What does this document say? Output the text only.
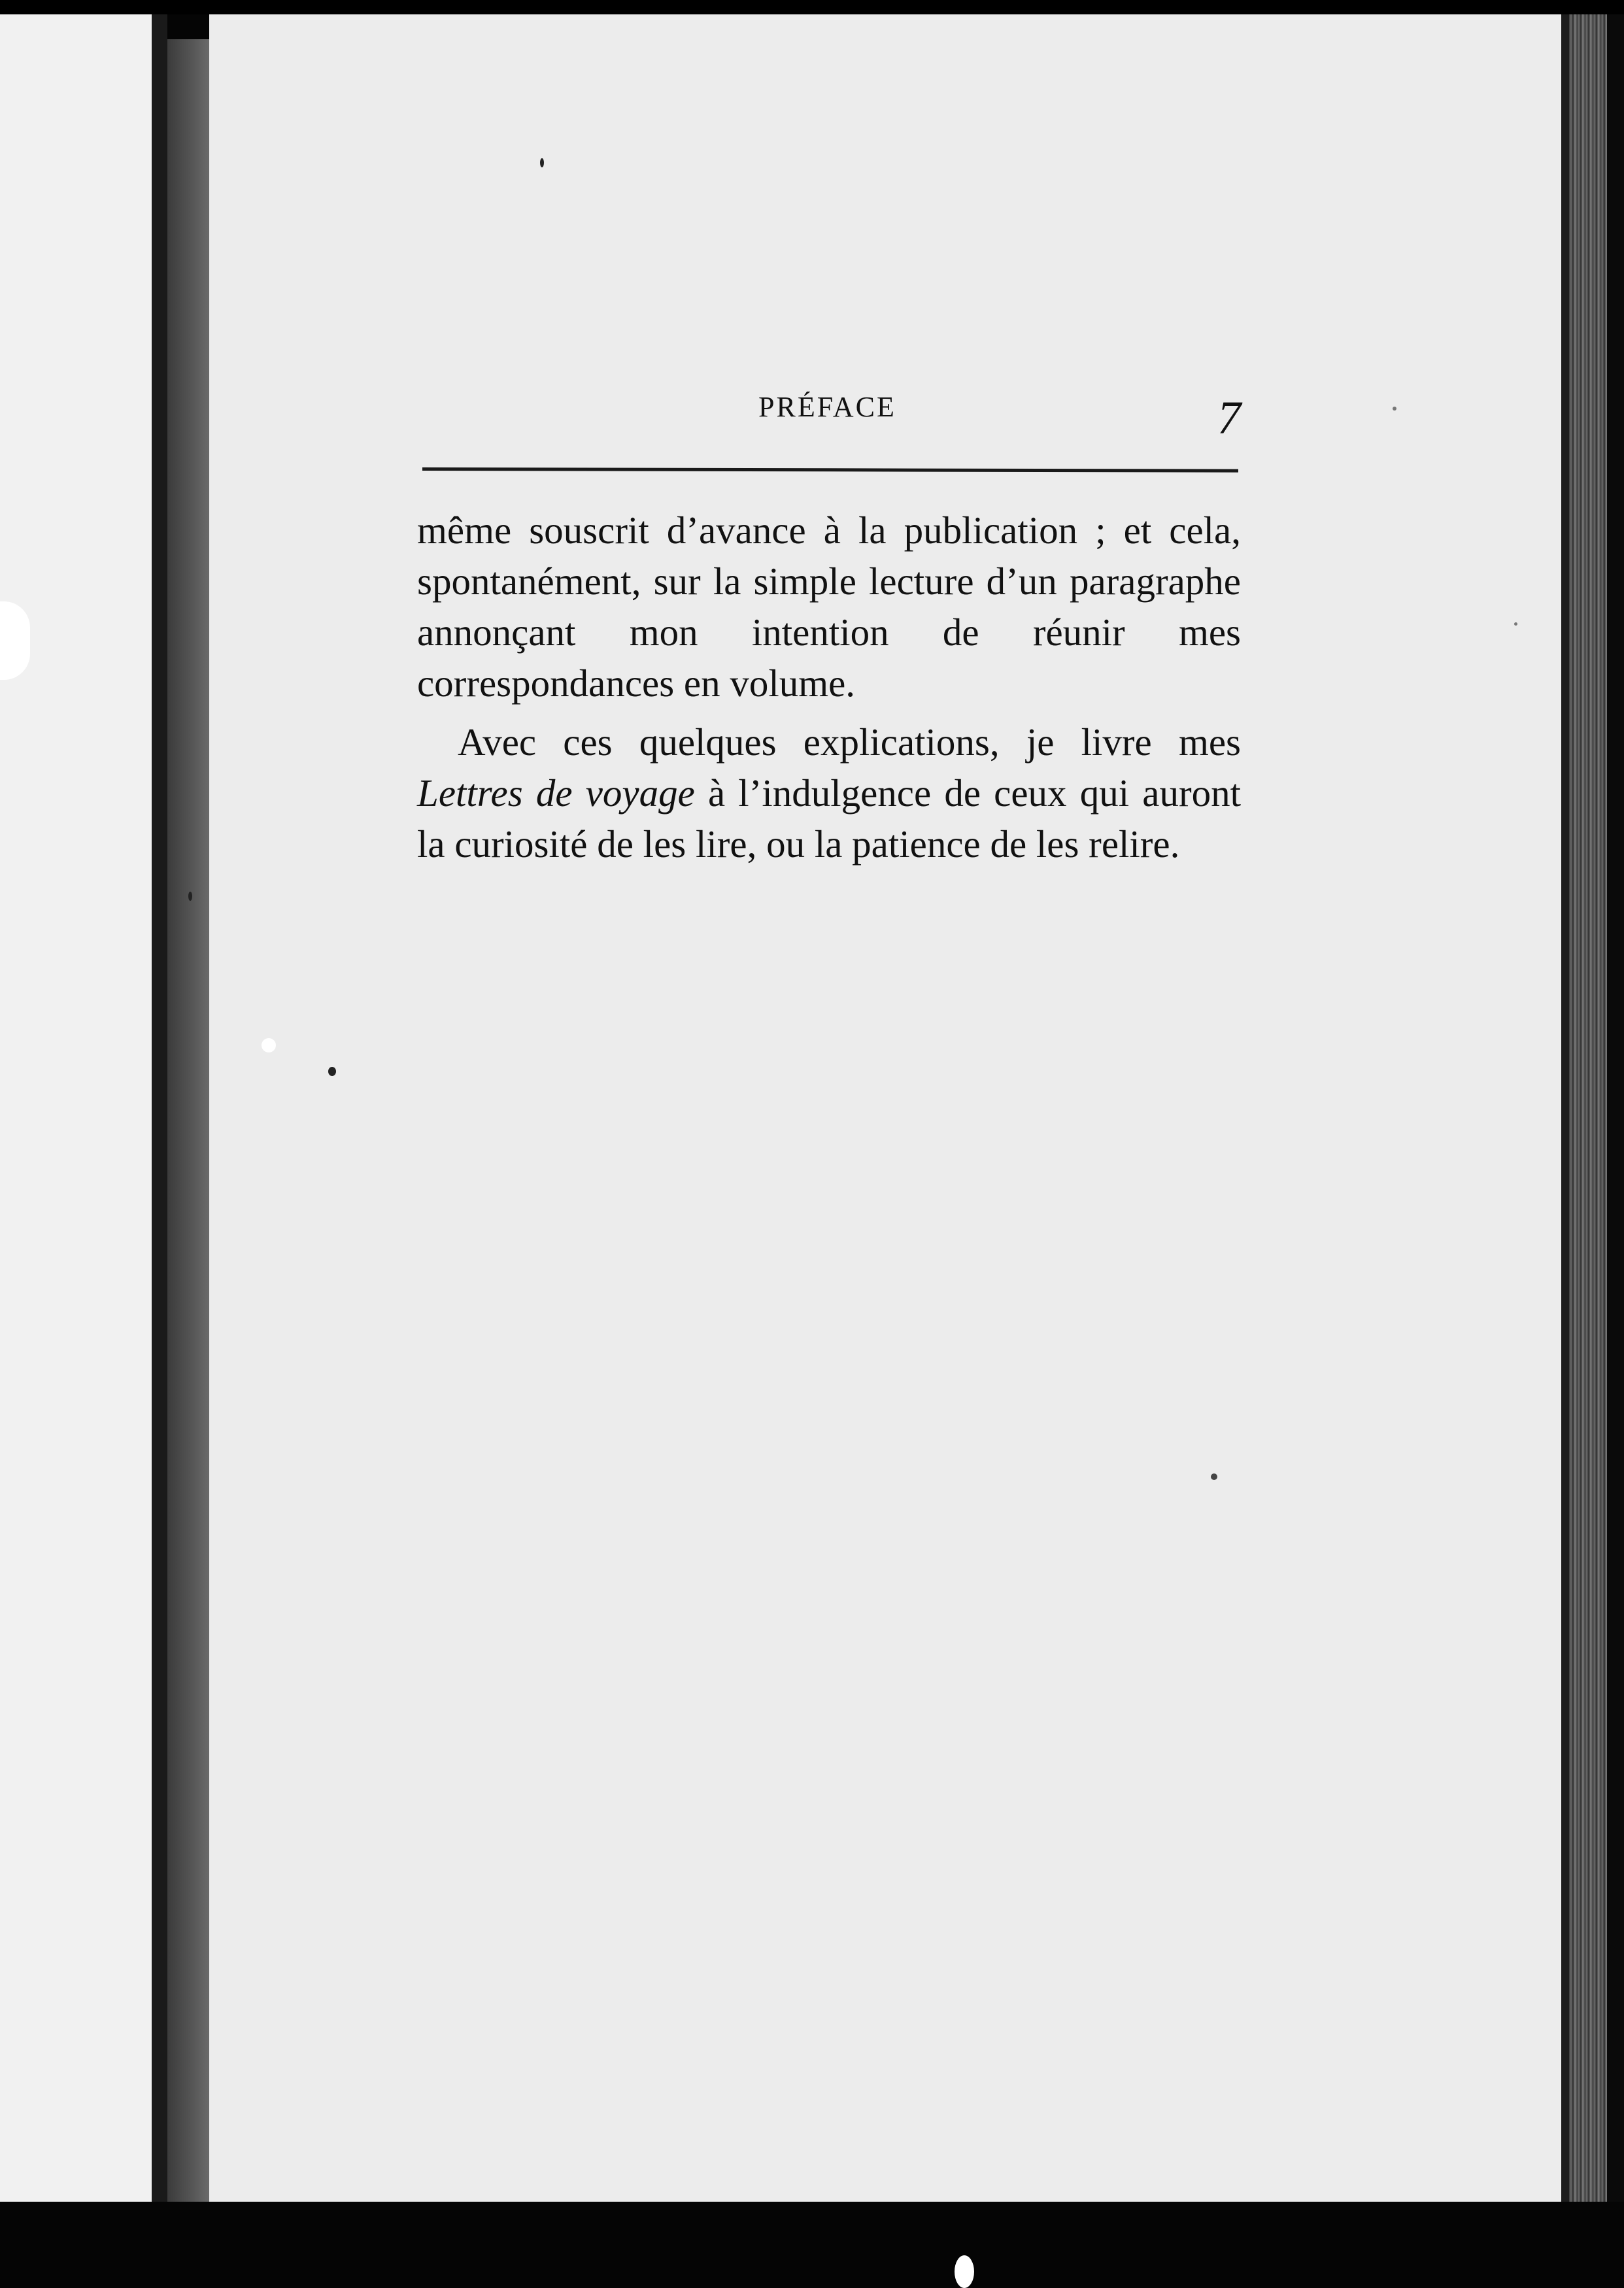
PRÉFACE	7

même souscrit d’avance à la publication ; et cela, spontanément, sur la simple lecture d’un paragraphe annonçant mon intention de réunir mes correspondances en volume.

Avec ces quelques explications, je livre mes Lettres de voyage à l’indulgence de ceux qui auront la curiosité de les lire, ou la patience de les relire.
